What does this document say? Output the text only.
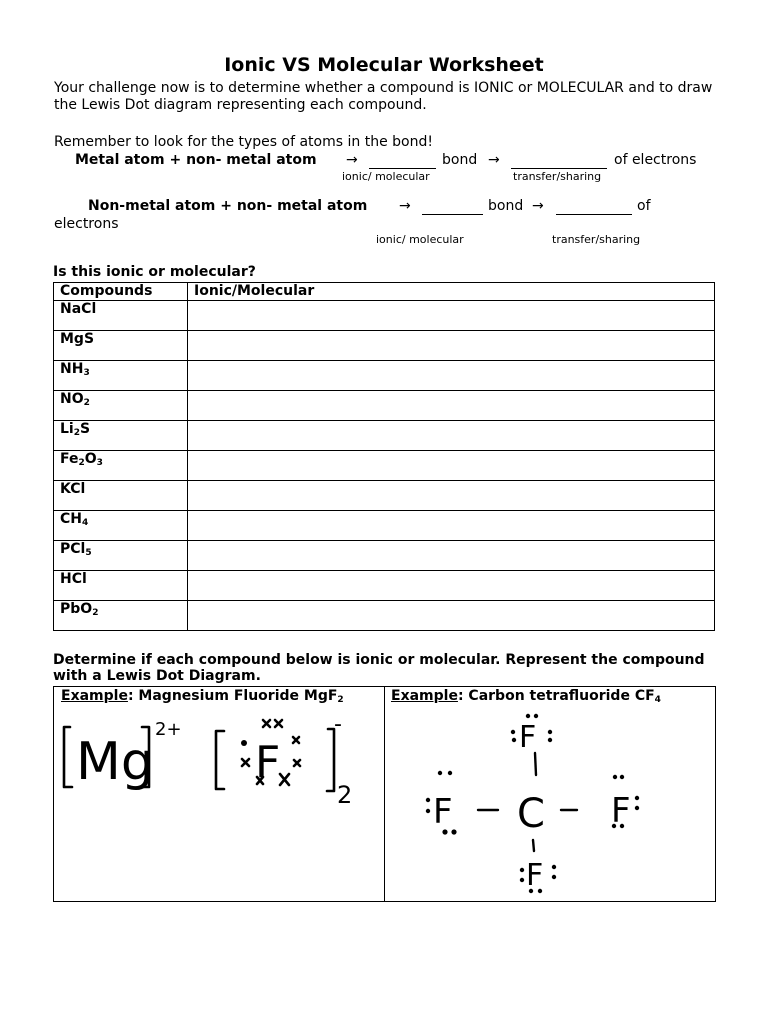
Ionic VS Molecular Worksheet
Your challenge now is to determine whether a compound is IONIC or MOLECULAR and to draw the Lewis Dot diagram representing each compound.
Remember to look for the types of atoms in the bond!
Metal atom + non- metal atom →	bond →	of electrons
ionic/ molecular	transfer/sharing
Non-metal atom + non- metal atom →	bond →	of
electrons
ionic/ molecular	transfer/sharing
Is this ionic or molecular?
Compounds	Ionic/Molecular
NaCl	
MgS	
$NH_3$	
$NO_2$	
$Li_2S$	
$Fe_2O_3$	
KCl	
$CH_4$	
PCl$_5$	
HCl	
PbO$_2$	
Determine if each compound below is ionic or molecular. Represent the compound with a Lewis Dot Diagram.
Example: Magnesium Fluoride MgF$_2$	Example: Carbon tetrafluoride $CF_4$
Mg
2+
F
-
2
F
F C F
F
